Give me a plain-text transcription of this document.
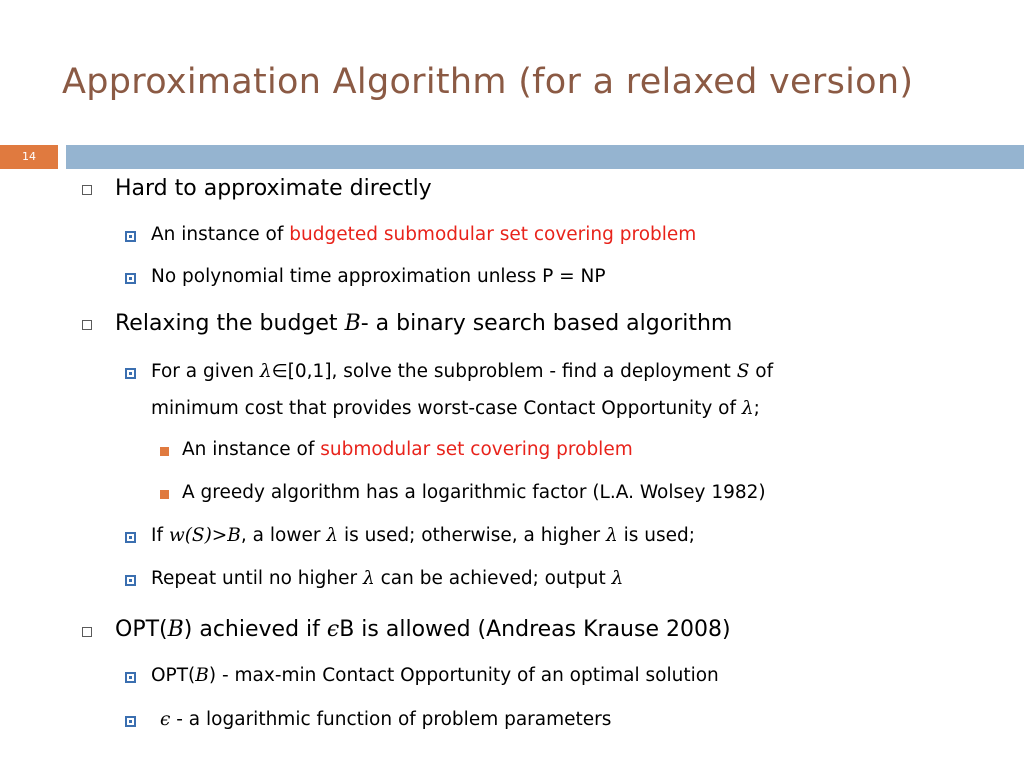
Approximation Algorithm (for a relaxed version)
14
Hard to approximate directly
An instance of budgeted submodular set covering problem
No polynomial time approximation unless P = NP
Relaxing the budget B- a binary search based algorithm
For a given λ∈[0,1], solve the subproblem - find a deployment S of
minimum cost that provides worst-case Contact Opportunity of λ;
An instance of submodular set covering problem
A greedy algorithm has a logarithmic factor (L.A. Wolsey 1982)
If w(S)>B, a lower λ is used; otherwise, a higher λ is used;
Repeat until no higher λ can be achieved; output λ
OPT(B) achieved if ϵB is allowed (Andreas Krause 2008)
OPT(B) - max-min Contact Opportunity of an optimal solution
ϵ - a logarithmic function of problem parameters
